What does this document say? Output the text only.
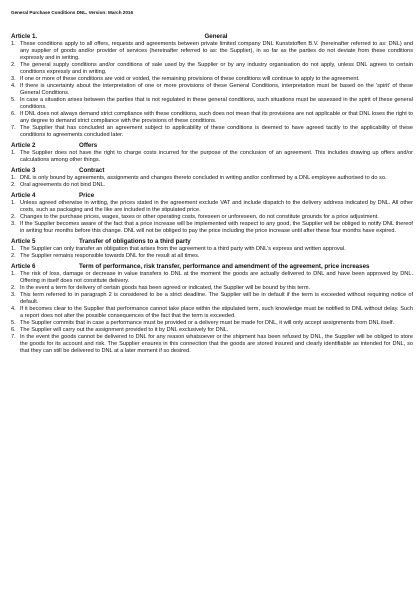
General Purchase Conditions DNL. Version: March 2016
Article 1.	General
1. These conditions apply to all offers, requests and agreements between private limited company DNL Kunststoffen B.V. (hereinafter referred to as: DNL) and any supplier of goods and/or provider of services (hereinafter referred to as: the Supplier), in so far as the parties do not deviate from these conditions expressly and in writing.
2. The general supply conditions and/or conditions of sale used by the Supplier or by any industry organisation do not apply, unless DNL agrees to certain conditions expressly and in writing.
3. If one or more of these conditions are void or voided, the remaining provisions of these conditions will continue to apply to the agreement.
4. If there is uncertainty about the interpretation of one or more provisions of these General Conditions, interpretation must be based on the 'spirit' of these General Conditions.
5. In case a situation arises between the parties that is not regulated in these general conditions, such situations must be assessed in the spirit of these general conditions.
6. If DNL does not always demand strict compliance with these conditions, such does not mean that its provisions are not applicable or that DNL loses the right to any degree to demand strict compliance with the provisions of these conditions.
7. The Supplier that has concluded an agreement subject to applicability of these conditions is deemed to have agreed tacitly to the applicability of these conditions to agreements concluded later.
Article 2	Offers
1. The Supplier does not have the right to charge costs incurred for the purpose of the conclusion of an agreement. This includes drawing up offers and/or calculations among other things.
Article 3	Contract
1. DNL is only bound by agreements, assignments and changes thereto concluded in writing and/or confirmed by a DNL employee authorised to do so.
2. Oral agreements do not bind DNL.
Article 4	Price
1. Unless agreed otherwise in writing, the prices stated in the agreement exclude VAT and include dispatch to the delivery address indicated by DNL. All other costs, such as packaging and the like are included in the stipulated price.
2. Changes to the purchase prices, wages, taxes or other operating costs, foreseen or unforeseen, do not constitute grounds for a price adjustment.
3. If the Supplier becomes aware of the fact that a price increase will be implemented with respect to any good, the Supplier will be obliged to notify DNL thereof in writing four months before this change. DNL will not be obliged to pay the price including the price increase until after these four months have expired.
Article 5	Transfer of obligations to a third party
1. The Supplier can only transfer an obligation that arises from the agreement to a third party with DNL's express and written approval.
2. The Supplier remains responsible towards DNL for the result at all times.
Article 6	Term of performance, risk transfer, performance and amendment of the agreement, price increases
1. The risk of loss, damage or decrease in value transfers to DNL at the moment the goods are actually delivered to DNL and have been approved by DNL. Offering in itself does not constitute delivery.
2. In the event a term for delivery of certain goods has been agreed or indicated, the Supplier will be bound by this term.
3. This term referred to in paragraph 2 is considered to be a strict deadline. The Supplier will be in default if the term is exceeded without requiring notice of default.
4. If it becomes clear to the Supplier that performance cannot take place within the stipulated term, such knowledge must be notified to DNL without delay. Such a report does not alter the possible consequences of the fact that the term is exceeded.
5. The Supplier commits that in case a performance must be provided or a delivery must be made for DNL, it will only accept assignments from DNL itself.
6. The Supplier will carry out the assignment provided to it by DNL exclusively for DNL.
7. In the event the goods cannot be delivered to DNL for any reason whatsoever or the shipment has been refused by DNL, the Supplier will be obliged to store the goods for its account and risk. The Supplier ensures in this connection that the goods are stored insured and clearly identifiable as intended for DNL, so that they can still be delivered to DNL at a later moment if so desired.
